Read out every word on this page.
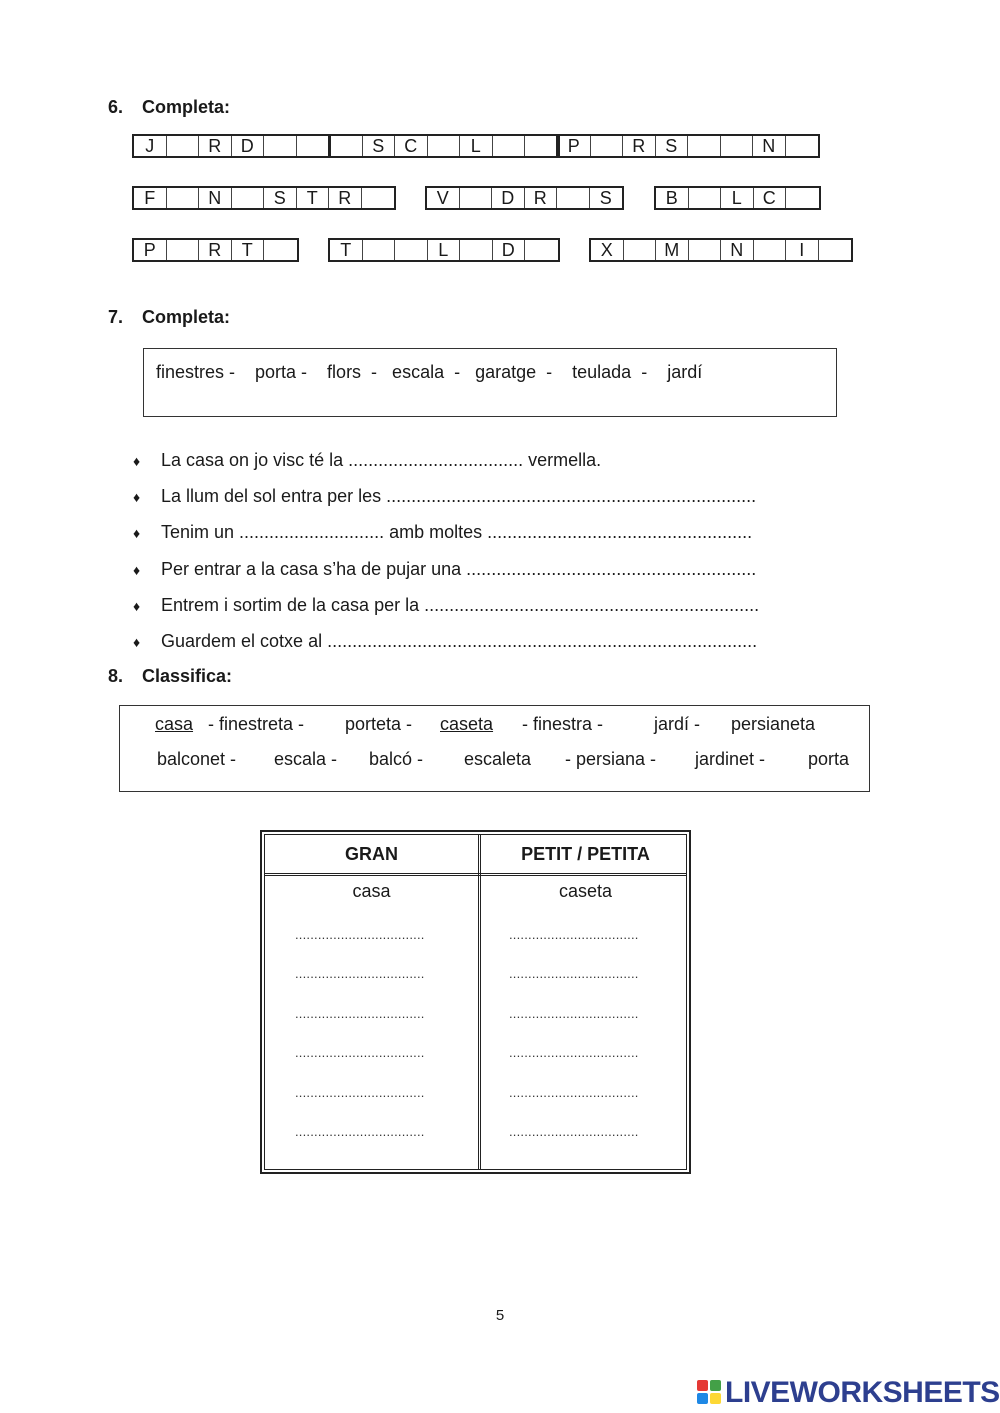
6. Completa:
J	R	D	S	C	L	P	R	S	N
F	N	S	T	R	V	D	R	S	B	L	C
P	R	T	T	L	D	X	M	N	I
7. Completa:
finestres -    porta -    flors  -   escala  -   garatge  -    teulada  -    jardí
♦ La casa on jo visc té la ................................... vermella.
♦ La llum del sol entra per les ..........................................................................
♦ Tenim un ............................. amb moltes .....................................................
♦ Per entrar a la casa s’ha de pujar una ..........................................................
♦ Entrem i sortim de la casa per la ...................................................................
♦ Guardem el cotxe al ......................................................................................
8. Classifica:
casa - finestreta - porteta - caseta - finestra -	jardí - persianeta
balconet - escala - balcó - escaleta - persiana - jardinet - porta
GRAN	PETIT / PETITA
casa	caseta
..................................	..................................
..................................	..................................
..................................	..................................
..................................	..................................
..................................	..................................
..................................	..................................
5
LIVEWORKSHEETS
